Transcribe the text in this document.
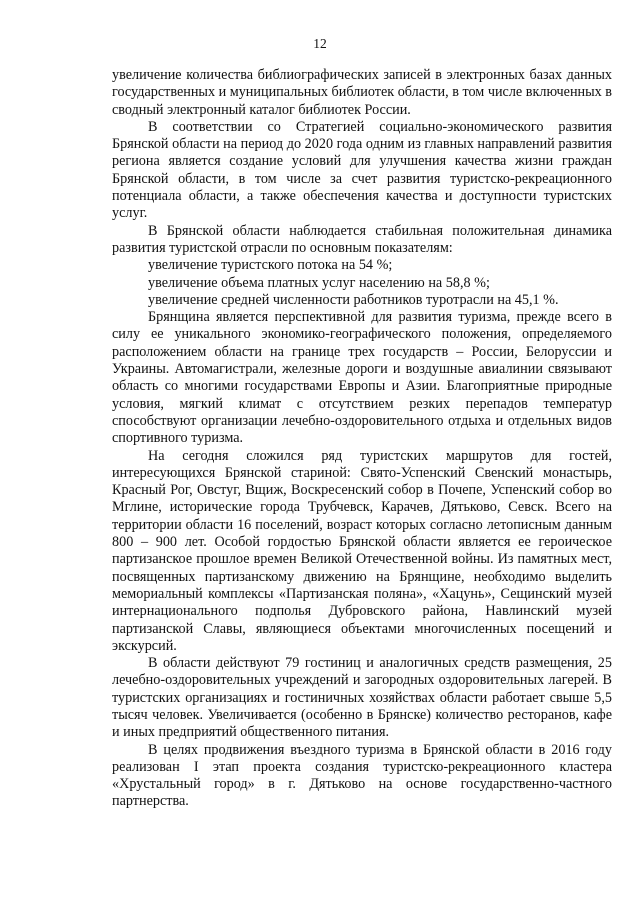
12

увеличение количества библиографических записей в электронных базах данных государственных и муниципальных библиотек области, в том числе включенных в сводный электронный каталог библиотек России.

В соответствии со Стратегией социально-экономического развития Брянской области на период до 2020 года одним из главных направлений развития региона является создание условий для улучшения качества жизни граждан Брянской области, в том числе за счет развития туристско-рекреационного потенциала области, а также обеспечения качества и доступности туристских услуг.

В Брянской области наблюдается стабильная положительная динамика развития туристской отрасли по основным показателям:

увеличение туристского потока на 54 %;

увеличение объема платных услуг населению на 58,8 %;

увеличение средней численности работников туротрасли на 45,1 %.

Брянщина является перспективной для развития туризма, прежде всего в силу ее уникального экономико-географического положения, определяемого расположением области на границе трех государств – России, Белоруссии и Украины. Автомагистрали, железные дороги и воздушные авиалинии связывают область со многими государствами Европы и Азии. Благоприятные природные условия, мягкий климат с отсутствием резких перепадов температур способствуют организации лечебно-оздоровительного отдыха и отдельных видов спортивного туризма.

На сегодня сложился ряд туристских маршрутов для гостей, интересующихся Брянской стариной: Свято-Успенский Свенский монастырь, Красный Рог, Овстуг, Вщиж, Воскресенский собор в Почепе, Успенский собор во Мглине, исторические города Трубчевск, Карачев, Дятьково, Севск. Всего на территории области 16 поселений, возраст которых согласно летописным данным 800 – 900 лет. Особой гордостью Брянской области является ее героическое партизанское прошлое времен Великой Отечественной войны. Из памятных мест, посвященных партизанскому движению на Брянщине, необходимо выделить мемориальный комплексы «Партизанская поляна», «Хацунь», Сещинский музей интернационального подполья Дубровского района, Навлинский музей партизанской Славы, являющиеся объектами многочисленных посещений и экскурсий.

В области действуют 79 гостиниц и аналогичных средств размещения, 25 лечебно-оздоровительных учреждений и загородных оздоровительных лагерей. В туристских организациях и гостиничных хозяйствах области работает свыше 5,5 тысяч человек. Увеличивается (особенно в Брянске) количество ресторанов, кафе и иных предприятий общественного питания.

В целях продвижения въездного туризма в Брянской области в 2016 году реализован I этап проекта создания туристско-рекреационного кластера «Хрустальный город» в г. Дятьково на основе государственно-частного партнерства.
